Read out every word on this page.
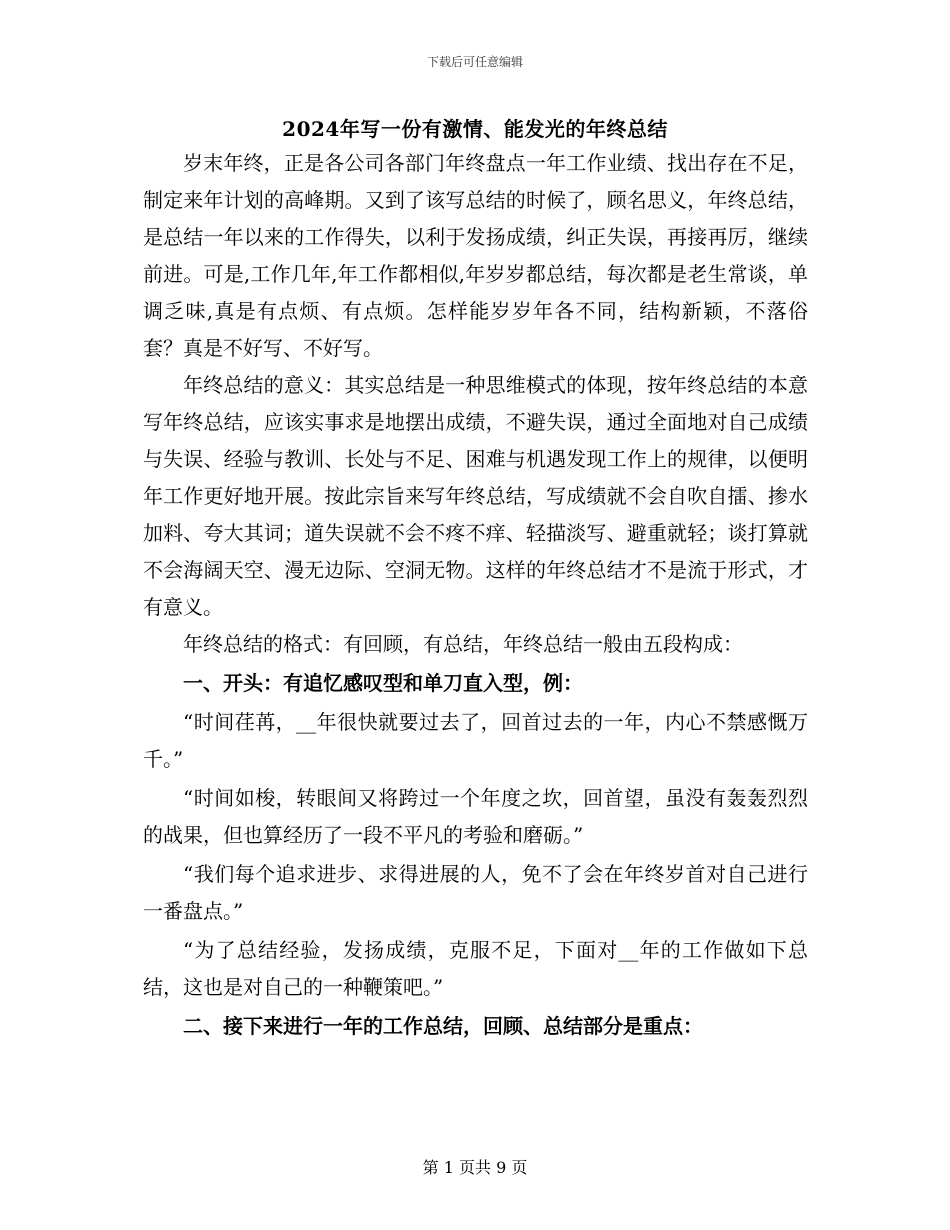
下载后可任意编辑
2024年写一份有激情、能发光的年终总结

岁末年终，正是各公司各部门年终盘点一年工作业绩、找出存在不足，制定来年计划的高峰期。又到了该写总结的时候了，顾名思义，年终总结，是总结一年以来的工作得失，以利于发扬成绩，纠正失误，再接再厉，继续前进。可是,工作几年,年工作都相似,年岁岁都总结，每次都是老生常谈，单调乏味,真是有点烦、有点烦。怎样能岁岁年各不同，结构新颖，不落俗套？真是不好写、不好写。

年终总结的意义：其实总结是一种思维模式的体现，按年终总结的本意写年终总结，应该实事求是地摆出成绩，不避失误，通过全面地对自己成绩与失误、经验与教训、长处与不足、困难与机遇发现工作上的规律，以便明年工作更好地开展。按此宗旨来写年终总结，写成绩就不会自吹自擂、掺水加料、夸大其词；道失误就不会不疼不痒、轻描淡写、避重就轻；谈打算就不会海阔天空、漫无边际、空洞无物。这样的年终总结才不是流于形式，才有意义。

年终总结的格式：有回顾，有总结，年终总结一般由五段构成：

一、开头：有追忆感叹型和单刀直入型，例：

“时间荏苒，__年很快就要过去了，回首过去的一年，内心不禁感慨万千。”

“时间如梭，转眼间又将跨过一个年度之坎，回首望，虽没有轰轰烈烈的战果，但也算经历了一段不平凡的考验和磨砺。”

“我们每个追求进步、求得进展的人，免不了会在年终岁首对自己进行一番盘点。”

“为了总结经验，发扬成绩，克服不足，下面对__年的工作做如下总结，这也是对自己的一种鞭策吧。”

二、接下来进行一年的工作总结，回顾、总结部分是重点：

第 1 页共 9 页
